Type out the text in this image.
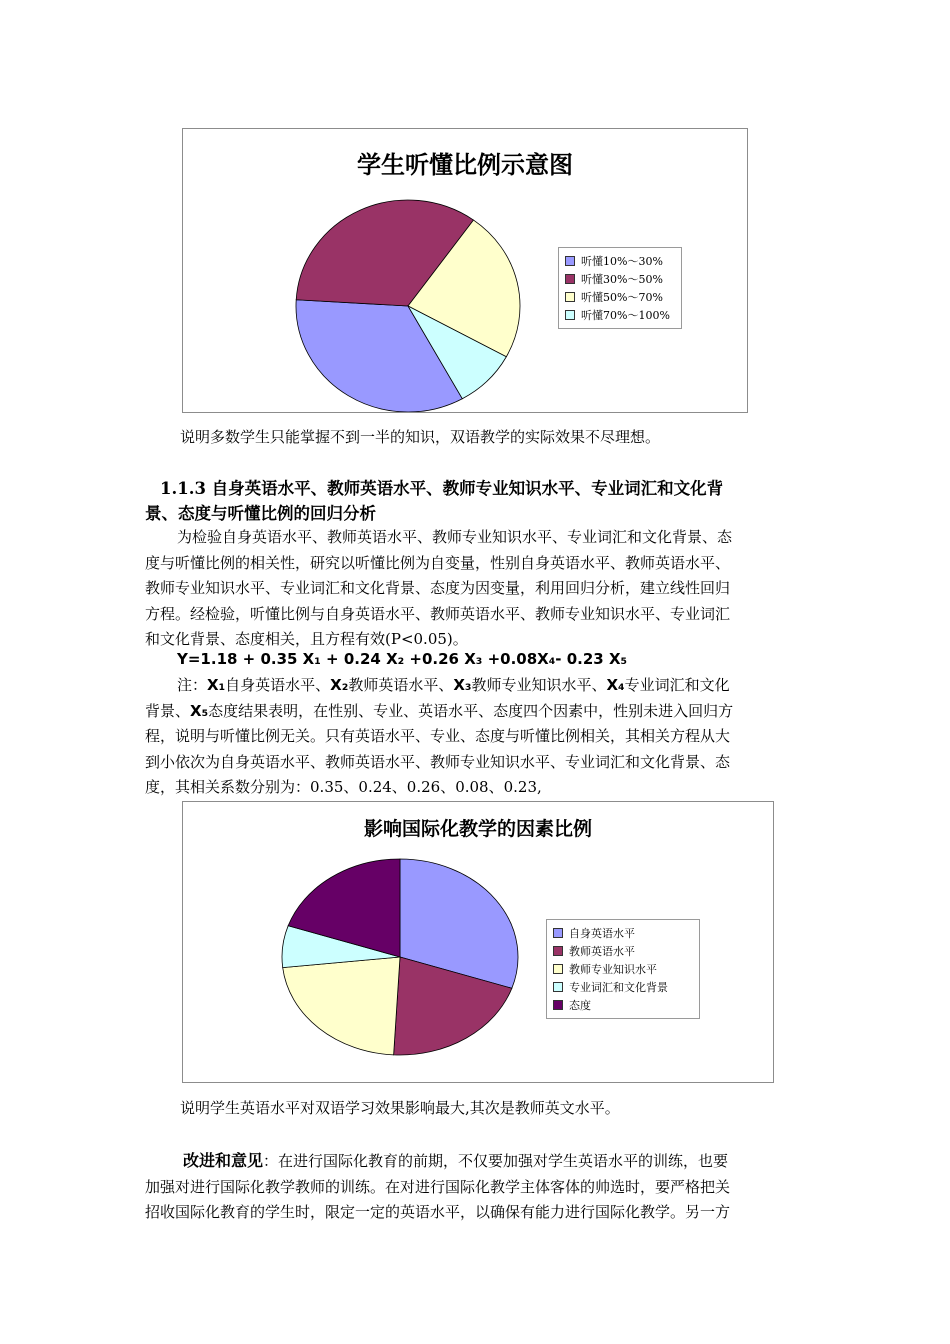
学生听懂比例示意图
听懂10%～30%
听懂30%～50%
听懂50%～70%
听懂70%～100%
说明多数学生只能掌握不到一半的知识，双语教学的实际效果不尽理想。
1.1.3 自身英语水平、教师英语水平、教师专业知识水平、专业词汇和文化背
景、态度与听懂比例的回归分析
为检验自身英语水平、教师英语水平、教师专业知识水平、专业词汇和文化背景、态
度与听懂比例的相关性，研究以听懂比例为自变量，性别自身英语水平、教师英语水平、
教师专业知识水平、专业词汇和文化背景、态度为因变量，利用回归分析，建立线性回归
方程。经检验，听懂比例与自身英语水平、教师英语水平、教师专业知识水平、专业词汇
和文化背景、态度相关，且方程有效(P<0.05)。
Y=1.18 + 0.35 X₁ + 0.24 X₂ +0.26 X₃ +0.08X₄- 0.23 X₅
注：X₁自身英语水平、X₂教师英语水平、X₃教师专业知识水平、X₄专业词汇和文化
背景、X₅态度结果表明，在性别、专业、英语水平、态度四个因素中，性别未进入回归方
程，说明与听懂比例无关。只有英语水平、专业、态度与听懂比例相关，其相关方程从大
到小依次为自身英语水平、教师英语水平、教师专业知识水平、专业词汇和文化背景、态
度，其相关系数分别为：0.35、0.24、0.26、0.08、0.23,
影响国际化教学的因素比例
自身英语水平
教师英语水平
教师专业知识水平
专业词汇和文化背景
态度
说明学生英语水平对双语学习效果影响最大,其次是教师英文水平。
改进和意见：在进行国际化教育的前期，不仅要加强对学生英语水平的训练，也要
加强对进行国际化教学教师的训练。在对进行国际化教学主体客体的帅选时，要严格把关
招收国际化教育的学生时，限定一定的英语水平，以确保有能力进行国际化教学。另一方
